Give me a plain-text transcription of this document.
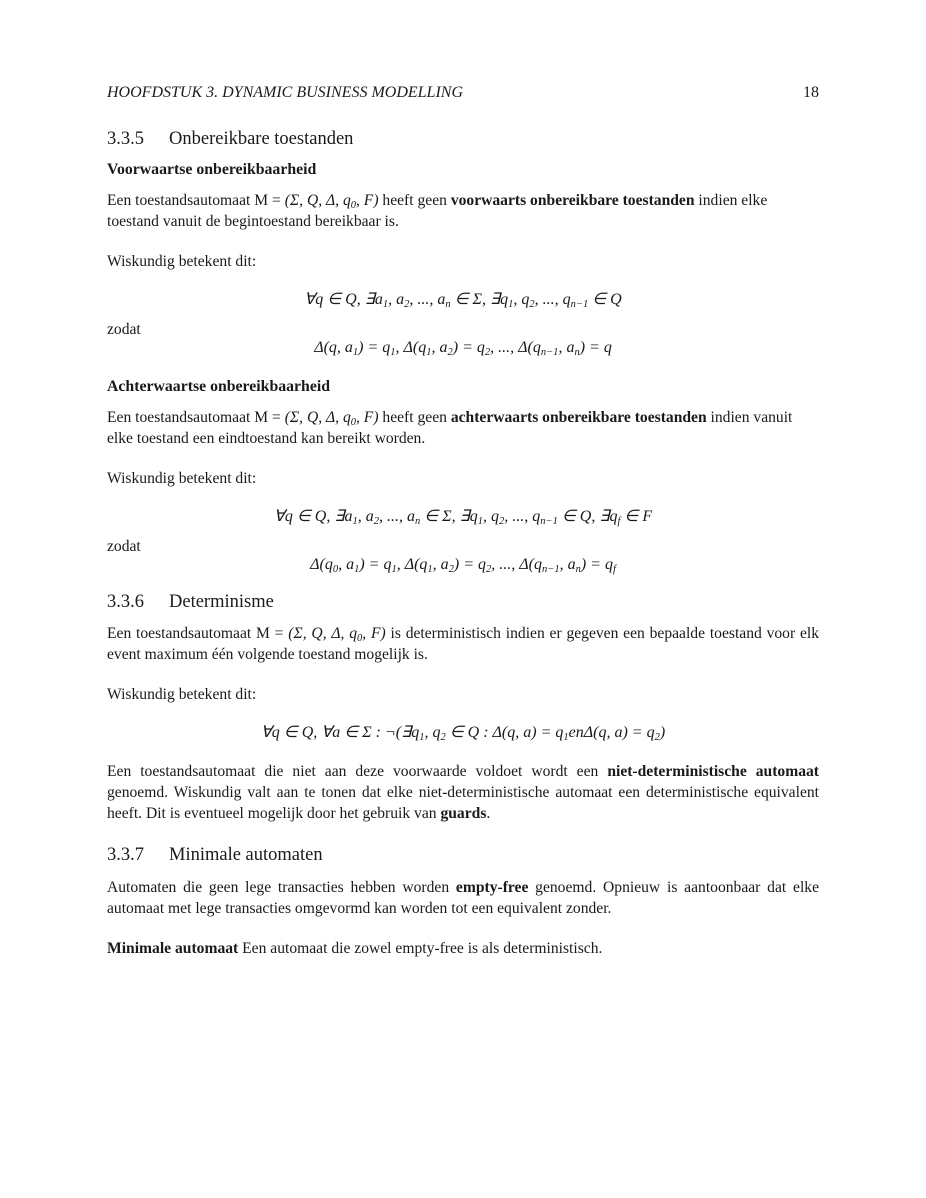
HOOFDSTUK 3. DYNAMIC BUSINESS MODELLING	18
3.3.5 Onbereikbare toestanden
Voorwaartse onbereikbaarheid

Een toestandsautomaat M = (Σ, Q, Δ, $q_0$, F) heeft geen voorwaarts onbereikbare toestanden indien elke toestand vanuit de begintoestand bereikbaar is.

Wiskundig betekent dit:

∀q ∈ Q, $\exists a_1$, $a_2$, ..., $a_n$ ∈ Σ, $\exists q_1$, $q_2$, ..., $q_{n-1}$ ∈ Q
zodat
Δ(q, $a_1) = q_1$, $\Delta(q_1$, $a_2) = q_2$, ..., $\Delta(q_{n-1}$, $a_n) = q$
Achterwaartse onbereikbaarheid

Een toestandsautomaat M = (Σ, Q, Δ, $q_0$, F) heeft geen achterwaarts onbereikbare toestanden indien vanuit elke toestand een eindtoestand kan bereikt worden.

Wiskundig betekent dit:

∀q ∈ Q, $\exists a_1$, $a_2$, ..., $a_n$ ∈ Σ, $\exists q_1$, $q_2$, ..., $q_{n-1}$ ∈ Q, $\exists q_f$ ∈ F
zodat
$\Delta(q_0$, $a_1) = q_1$, $\Delta(q_1$, $a_2) = q_2$, ..., $\Delta(q_{n-1}$, $a_n) = q_f$
3.3.6 Determinisme

Een toestandsautomaat M = (Σ, Q, Δ, $q_0$, F) is deterministisch indien er gegeven een bepaalde toestand voor elk event maximum één volgende toestand mogelijk is.

Wiskundig betekent dit:

∀q ∈ Q, ∀a ∈ Σ : $\neg(\exists q_1$, $q_2$ ∈ Q : Δ(q, $a) = q_1en\Delta(q$, $a) = q_2$)

Een toestandsautomaat die niet aan deze voorwaarde voldoet wordt een niet-deterministische automaat genoemd. Wiskundig valt aan te tonen dat elke niet-deterministische automaat een deterministische equivalent heeft. Dit is eventueel mogelijk door het gebruik van guards.

3.3.7 Minimale automaten

Automaten die geen lege transacties hebben worden empty-free genoemd. Opnieuw is aantoonbaar dat elke automaat met lege transacties omgevormd kan worden tot een equivalent zonder.

Minimale automaat Een automaat die zowel empty-free is als deterministisch.
